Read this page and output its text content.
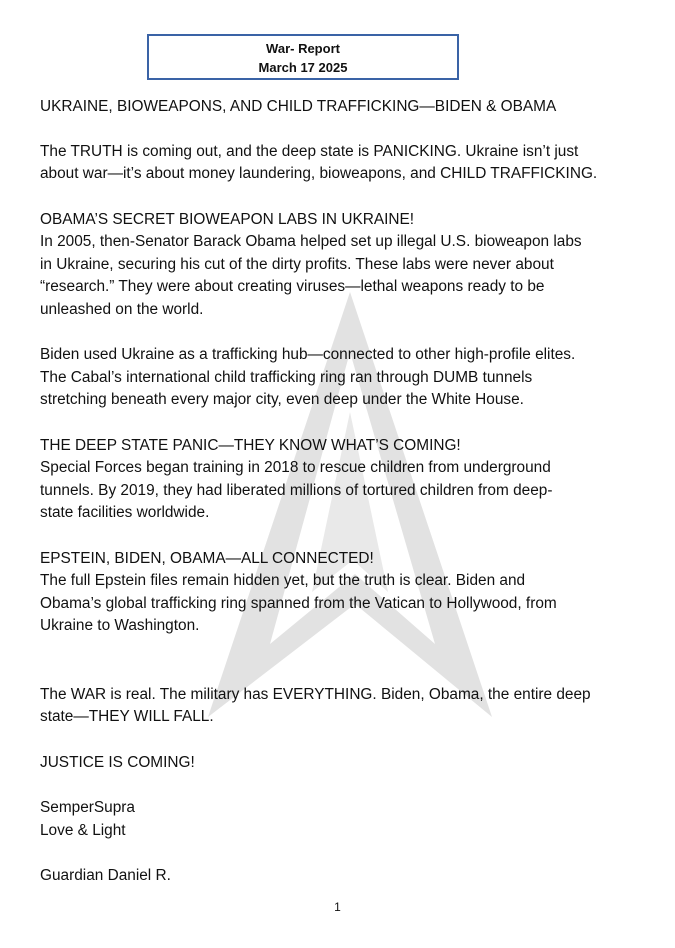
War- Report
March 17 2025

UKRAINE, BIOWEAPONS, AND CHILD TRAFFICKING—BIDEN & OBAMA

The TRUTH is coming out, and the deep state is PANICKING. Ukraine isn’t just

about war—it’s about money laundering, bioweapons, and CHILD TRAFFICKING.

OBAMA’S SECRET BIOWEAPON LABS IN UKRAINE!

In 2005, then-Senator Barack Obama helped set up illegal U.S. bioweapon labs

in Ukraine, securing his cut of the dirty profits. These labs were never about

“research.” They were about creating viruses—lethal weapons ready to be

unleashed on the world.

Biden used Ukraine as a trafficking hub—connected to other high-profile elites.

The Cabal’s international child trafficking ring ran through DUMB tunnels

stretching beneath every major city, even deep under the White House.

THE DEEP STATE PANIC—THEY KNOW WHAT’S COMING!

Special Forces began training in 2018 to rescue children from underground

tunnels. By 2019, they had liberated millions of tortured children from deep-

state facilities worldwide.

EPSTEIN, BIDEN, OBAMA—ALL CONNECTED!

The full Epstein files remain hidden yet, but the truth is clear. Biden and

Obama’s global trafficking ring spanned from the Vatican to Hollywood, from

Ukraine to Washington.

The WAR is real. The military has EVERYTHING. Biden, Obama, the entire deep

state—THEY WILL FALL.

JUSTICE IS COMING!

SemperSupra

Love & Light

Guardian Daniel R.

1
